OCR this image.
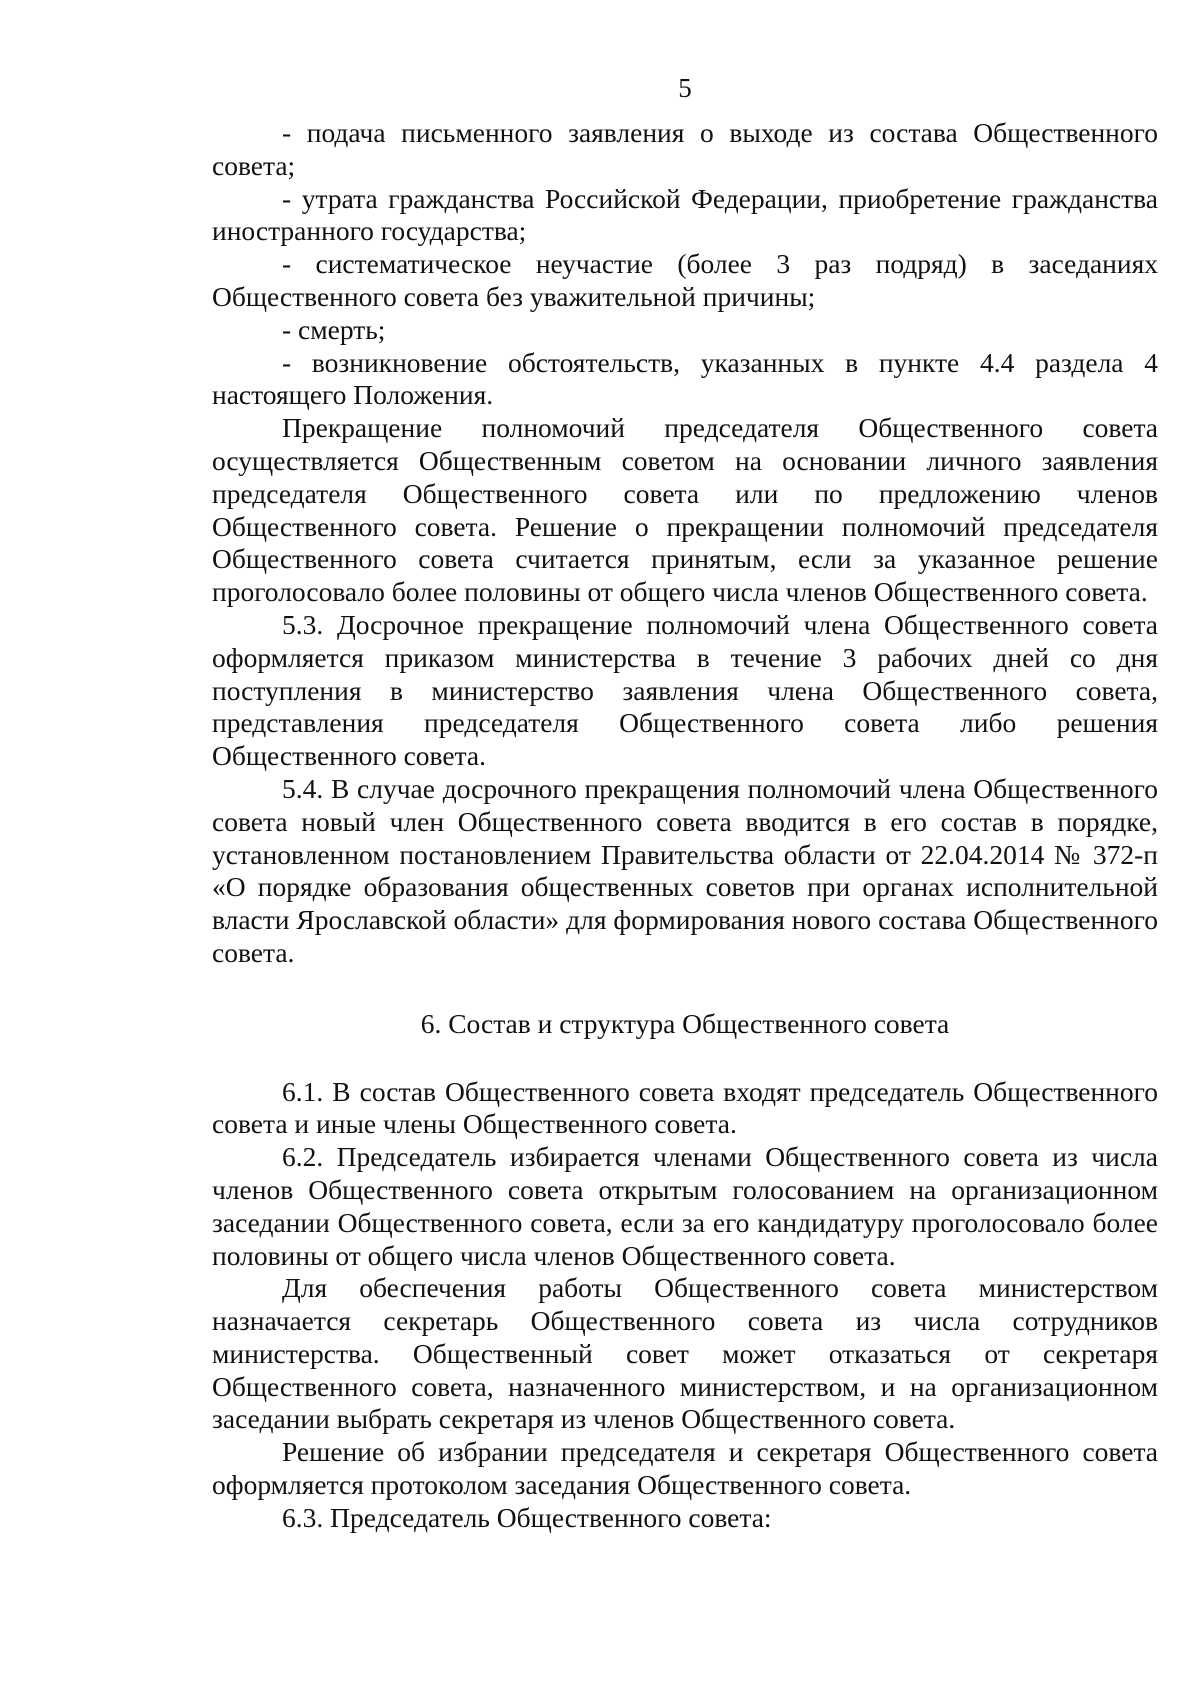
5

- подача письменного заявления о выходе из состава Общественного совета;

- утрата гражданства Российской Федерации, приобретение гражданства иностранного государства;

- систематическое неучастие (более 3 раз подряд) в заседаниях Общественного совета без уважительной причины;

- смерть;

- возникновение обстоятельств, указанных в пункте 4.4 раздела 4 настоящего Положения.

Прекращение полномочий председателя Общественного совета осуществляется Общественным советом на основании личного заявления председателя Общественного совета или по предложению членов Общественного совета. Решение о прекращении полномочий председателя Общественного совета считается принятым, если за указанное решение проголосовало более половины от общего числа членов Общественного совета.

5.3. Досрочное прекращение полномочий члена Общественного совета оформляется приказом министерства в течение 3 рабочих дней со дня поступления в министерство заявления члена Общественного совета, представления председателя Общественного совета либо решения Общественного совета.

5.4. В случае досрочного прекращения полномочий члена Общественного совета новый член Общественного совета вводится в его состав в порядке, установленном постановлением Правительства области от 22.04.2014 № 372-п «О порядке образования общественных советов при органах исполнительной власти Ярославской области» для формирования нового состава Общественного совета.

6. Состав и структура Общественного совета

6.1. В состав Общественного совета входят председатель Общественного совета и иные члены Общественного совета.

6.2. Председатель избирается членами Общественного совета из числа членов Общественного совета открытым голосованием на организационном заседании Общественного совета, если за его кандидатуру проголосовало более половины от общего числа членов Общественного совета.

Для обеспечения работы Общественного совета министерством назначается секретарь Общественного совета из числа сотрудников министерства. Общественный совет может отказаться от секретаря Общественного совета, назначенного министерством, и на организационном заседании выбрать секретаря из членов Общественного совета.

Решение об избрании председателя и секретаря Общественного совета оформляется протоколом заседания Общественного совета.

6.3. Председатель Общественного совета:
